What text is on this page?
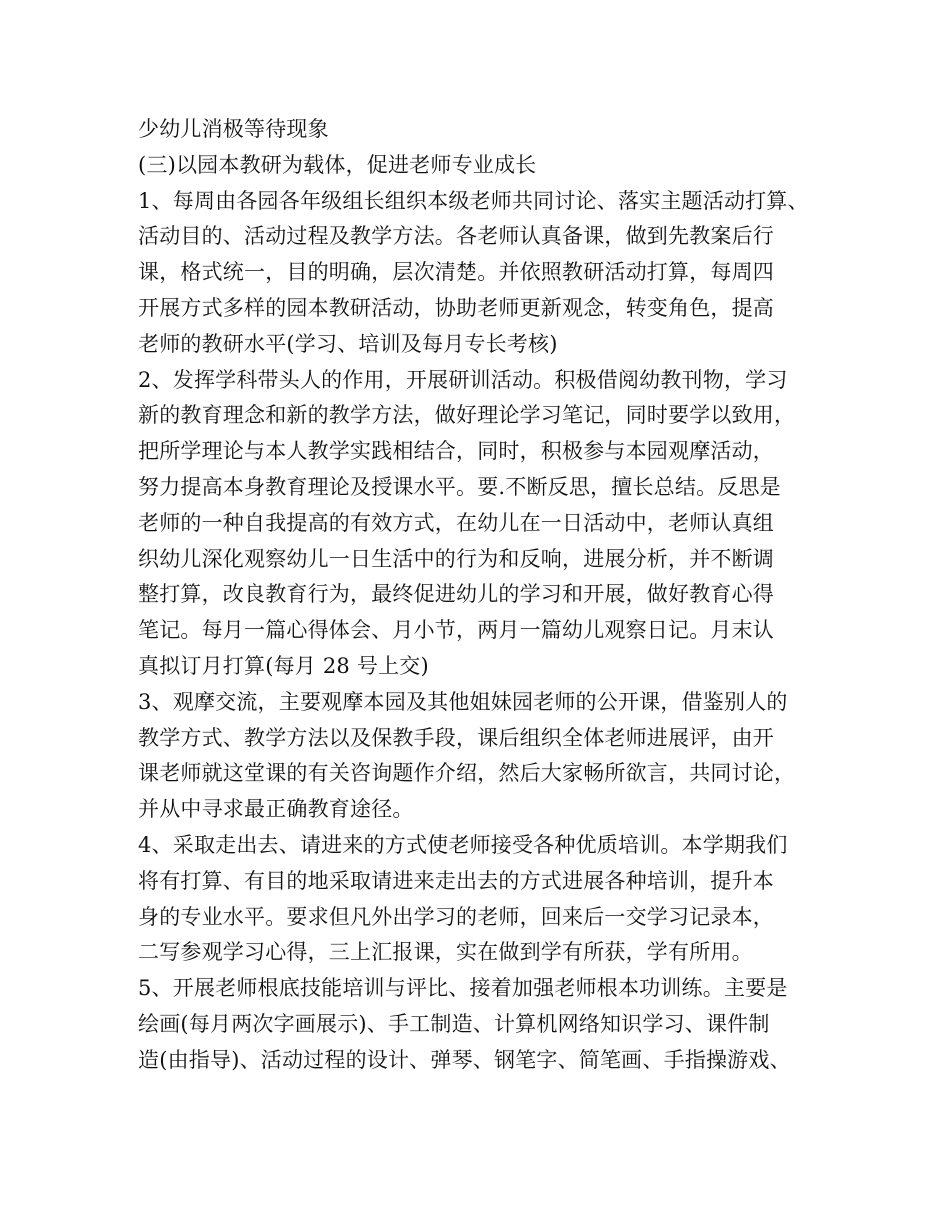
少幼儿消极等待现象
(三)以园本教研为载体，促进老师专业成长
1、每周由各园各年级组长组织本级老师共同讨论、落实主题活动打算、
活动目的、活动过程及教学方法。各老师认真备课，做到先教案后行
课，格式统一，目的明确，层次清楚。并依照教研活动打算，每周四
开展方式多样的园本教研活动，协助老师更新观念，转变角色，提高
老师的教研水平(学习、培训及每月专长考核)
2、发挥学科带头人的作用，开展研训活动。积极借阅幼教刊物，学习
新的教育理念和新的教学方法，做好理论学习笔记，同时要学以致用，
把所学理论与本人教学实践相结合，同时，积极参与本园观摩活动，
努力提高本身教育理论及授课水平。要.不断反思，擅长总结。反思是
老师的一种自我提高的有效方式，在幼儿在一日活动中，老师认真组
织幼儿深化观察幼儿一日生活中的行为和反响，进展分析，并不断调
整打算，改良教育行为，最终促进幼儿的学习和开展，做好教育心得
笔记。每月一篇心得体会、月小节，两月一篇幼儿观察日记。月末认
真拟订月打算(每月 28 号上交)
3、观摩交流，主要观摩本园及其他姐妹园老师的公开课，借鉴别人的
教学方式、教学方法以及保教手段，课后组织全体老师进展评，由开
课老师就这堂课的有关咨询题作介绍，然后大家畅所欲言，共同讨论，
并从中寻求最正确教育途径。
4、采取走出去、请进来的方式使老师接受各种优质培训。本学期我们
将有打算、有目的地采取请进来走出去的方式进展各种培训，提升本
身的专业水平。要求但凡外出学习的老师，回来后一交学习记录本，
二写参观学习心得，三上汇报课，实在做到学有所获，学有所用。
5、开展老师根底技能培训与评比、接着加强老师根本功训练。主要是
绘画(每月两次字画展示)、手工制造、计算机网络知识学习、课件制
造(由指导)、活动过程的设计、弹琴、钢笔字、简笔画、手指操游戏、
